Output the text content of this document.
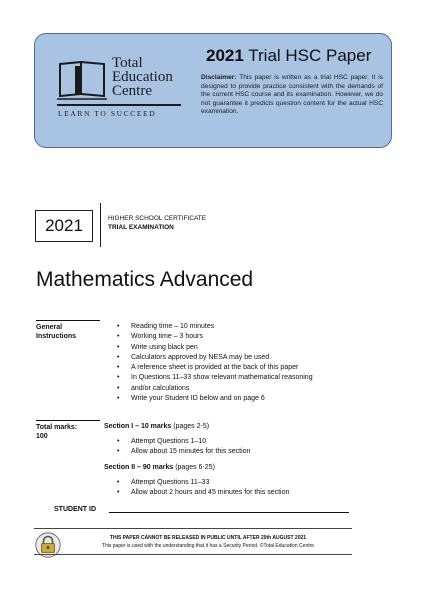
Total
Education
Centre
LEARN TO SUCCEED
2021 Trial HSC Paper
Disclaimer: This paper is written as a trial HSC paper. It is designed to provide practice consistent with the demands of the current HSC course and its examination. However, we do not guarantee it predicts question content for the actual HSC examination.
2021	HIGHER SCHOOL CERTIFICATE
TRIAL EXAMINATION
Mathematics Advanced
General
Instructions
• Reading time – 10 minutes
• Working time – 3 hours
• Write using black pen
• Calculators approved by NESA may be used
• A reference sheet is provided at the back of this paper
• In Questions 11–33 show relevant mathematical reasoning
• and/or calculations
• Write your Student ID below and on page 6
Total marks:
100
Section I – 10 marks (pages 2-5)
• Attempt Questions 1–10
• Allow about 15 minutes for this section
Section II – 90 marks (pages 6-25)
• Attempt Questions 11–33
• Allow about 2 hours and 45 minutes for this section
STUDENT ID
THIS PAPER CANNOT BE RELEASED IN PUBLIC UNTIL AFTER 20th AUGUST 2021
This paper is used with the understanding that it has a Security Period. ©Total Education Centre
